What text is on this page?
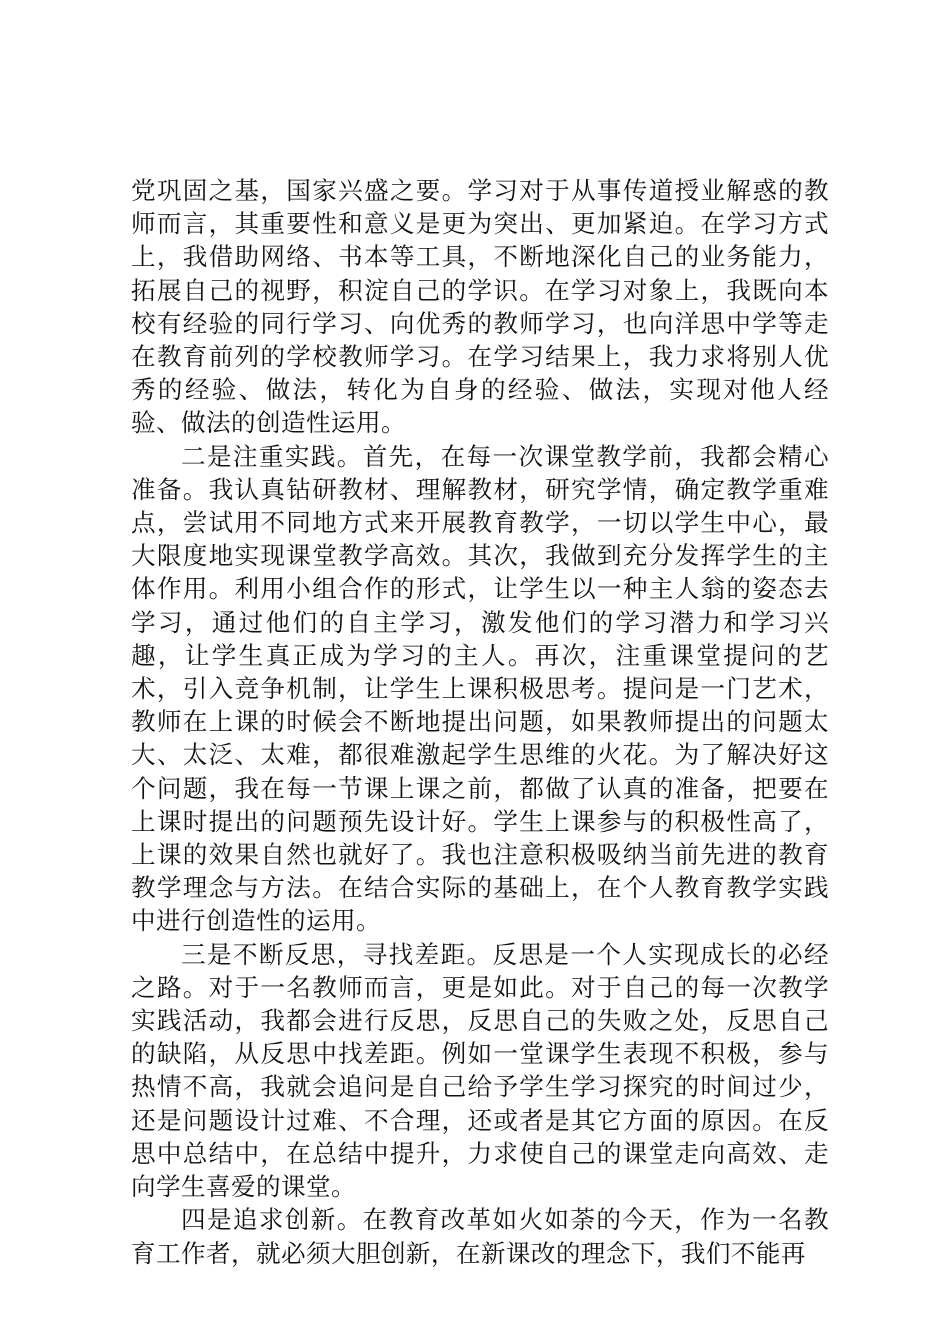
党巩固之基，国家兴盛之要。学习对于从事传道授业解惑的教师而言，其重要性和意义是更为突出、更加紧迫。在学习方式上，我借助网络、书本等工具，不断地深化自己的业务能力，拓展自己的视野，积淀自己的学识。在学习对象上，我既向本校有经验的同行学习、向优秀的教师学习，也向洋思中学等走在教育前列的学校教师学习。在学习结果上，我力求将别人优秀的经验、做法，转化为自身的经验、做法，实现对他人经验、做法的创造性运用。

二是注重实践。首先，在每一次课堂教学前，我都会精心准备。我认真钻研教材、理解教材，研究学情，确定教学重难点，尝试用不同地方式来开展教育教学，一切以学生中心，最大限度地实现课堂教学高效。其次，我做到充分发挥学生的主体作用。利用小组合作的形式，让学生以一种主人翁的姿态去学习，通过他们的自主学习，激发他们的学习潜力和学习兴趣，让学生真正成为学习的主人。再次，注重课堂提问的艺术，引入竞争机制，让学生上课积极思考。提问是一门艺术，教师在上课的时候会不断地提出问题，如果教师提出的问题太大、太泛、太难，都很难激起学生思维的火花。为了解决好这个问题，我在每一节课上课之前，都做了认真的准备，把要在上课时提出的问题预先设计好。学生上课参与的积极性高了，上课的效果自然也就好了。我也注意积极吸纳当前先进的教育教学理念与方法。在结合实际的基础上，在个人教育教学实践中进行创造性的运用。

三是不断反思，寻找差距。反思是一个人实现成长的必经之路。对于一名教师而言，更是如此。对于自己的每一次教学实践活动，我都会进行反思，反思自己的失败之处，反思自己的缺陷，从反思中找差距。例如一堂课学生表现不积极，参与热情不高，我就会追问是自己给予学生学习探究的时间过少，还是问题设计过难、不合理，还或者是其它方面的原因。在反思中总结中，在总结中提升，力求使自己的课堂走向高效、走向学生喜爱的课堂。

四是追求创新。在教育改革如火如荼的今天，作为一名教育工作者，就必须大胆创新，在新课改的理念下，我们不能再
